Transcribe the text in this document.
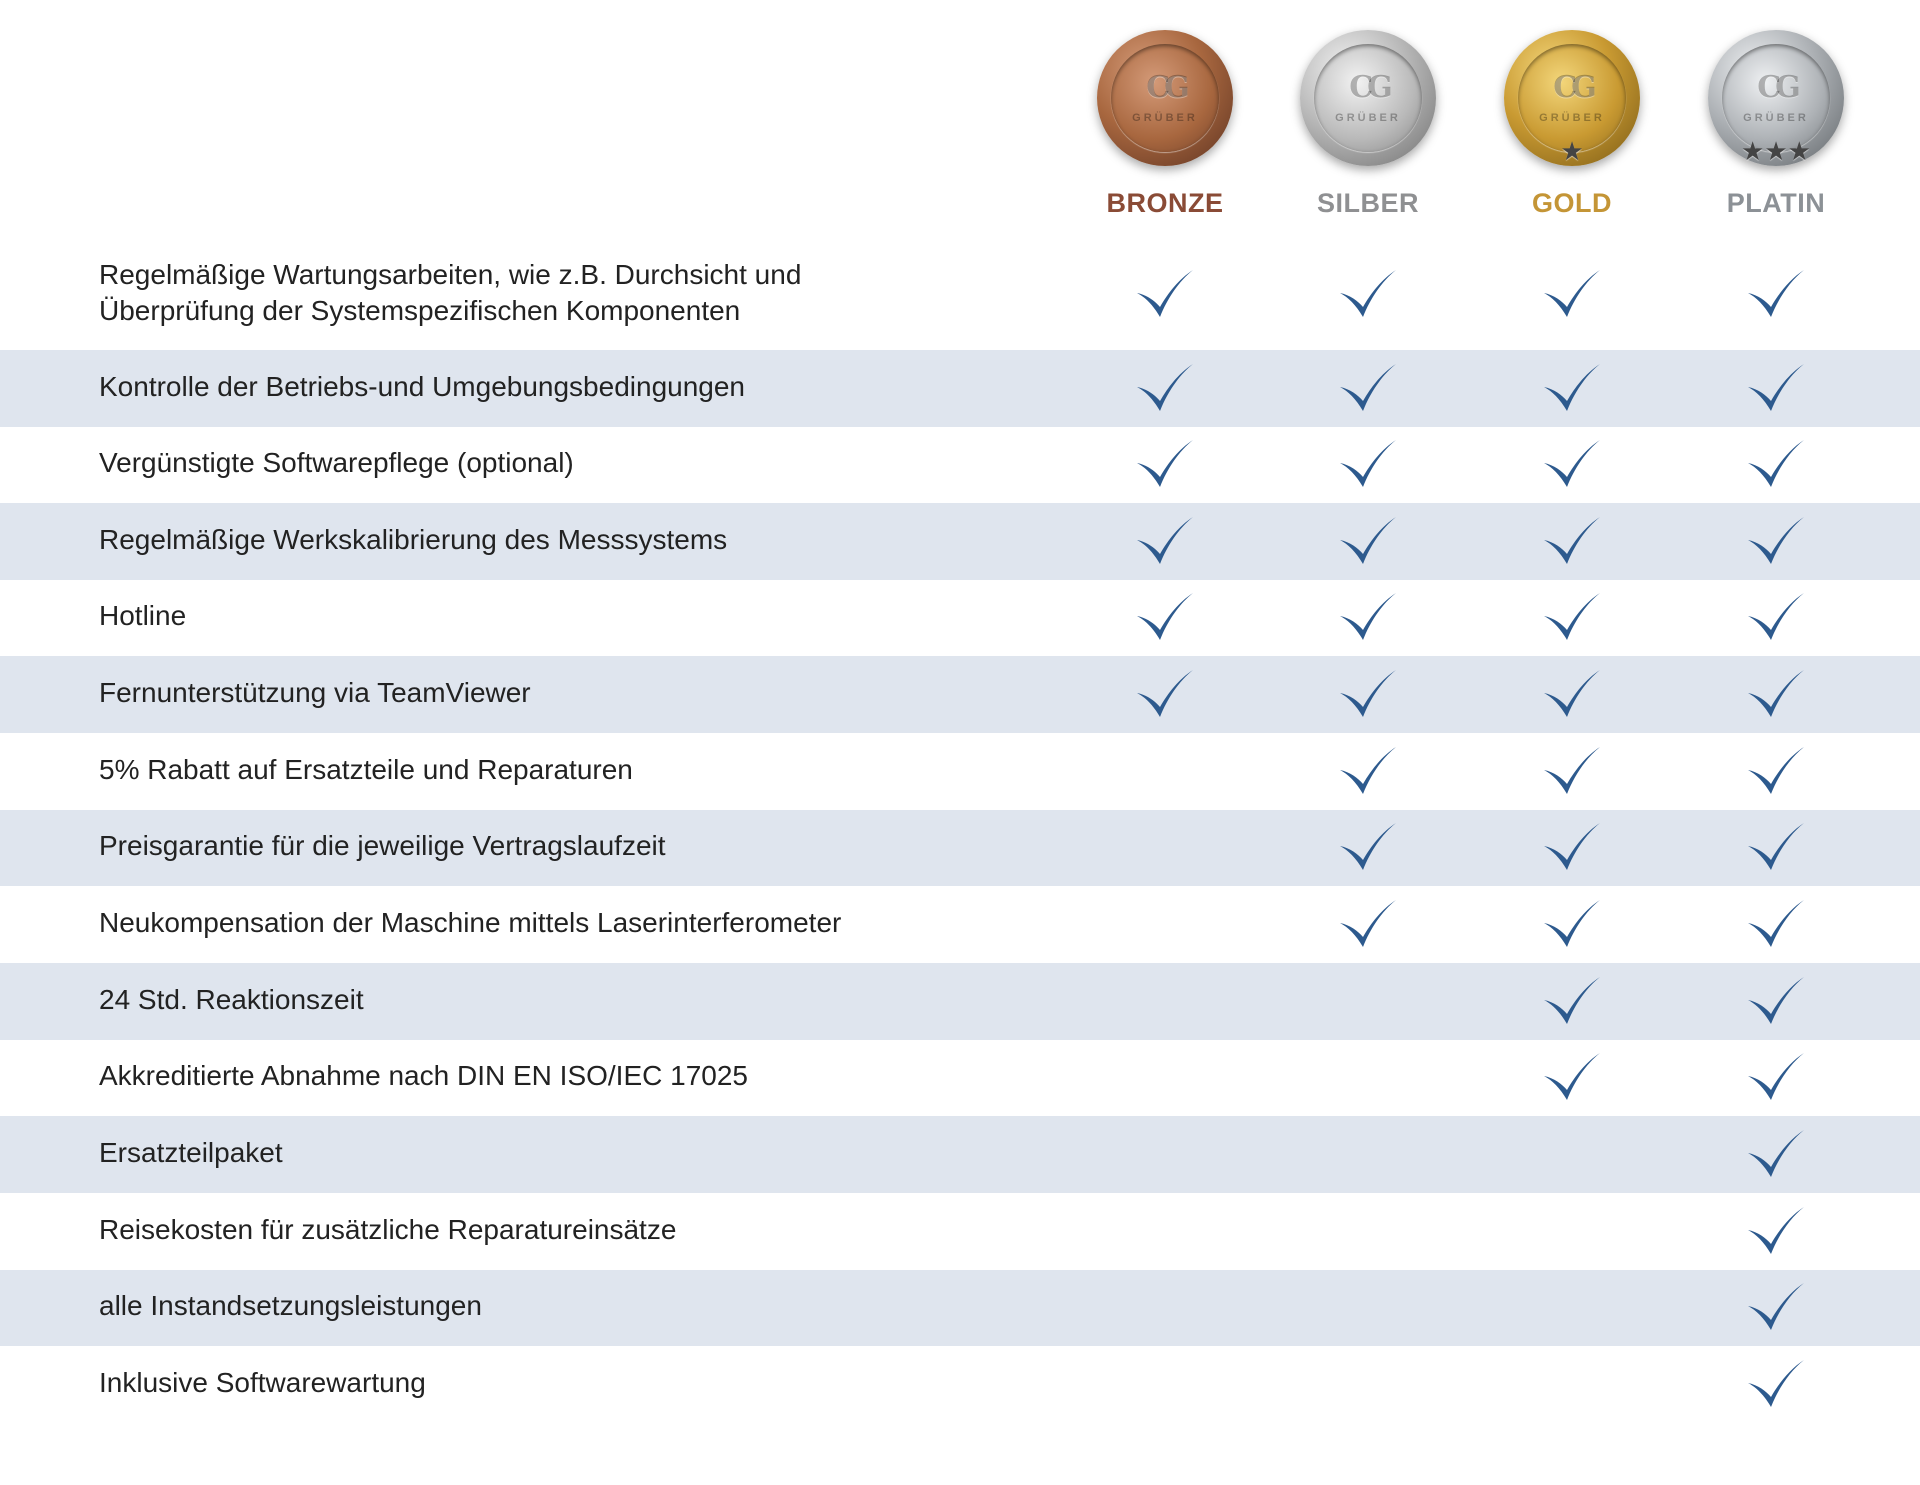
CG
GRÜBER
BRONZE
CG
GRÜBER
SILBER
CG
GRÜBER
★
GOLD
CG
GRÜBER
★★★
PLATIN
Regelmäßige Wartungsarbeiten, wie z.B. Durchsicht und
Überprüfung der Systemspezifischen Komponenten
Kontrolle der Betriebs-und Umgebungsbedingungen
Vergünstigte Softwarepflege (optional)
Regelmäßige Werkskalibrierung des Messsystems
Hotline
Fernunterstützung via TeamViewer
5% Rabatt auf Ersatzteile und Reparaturen
Preisgarantie für die jeweilige Vertragslaufzeit
Neukompensation der Maschine mittels Laserinterferometer
24 Std. Reaktionszeit
Akkreditierte Abnahme nach DIN EN ISO/IEC 17025
Ersatzteilpaket
Reisekosten für zusätzliche Reparatureinsätze
alle Instandsetzungsleistungen
Inklusive Softwarewartung
